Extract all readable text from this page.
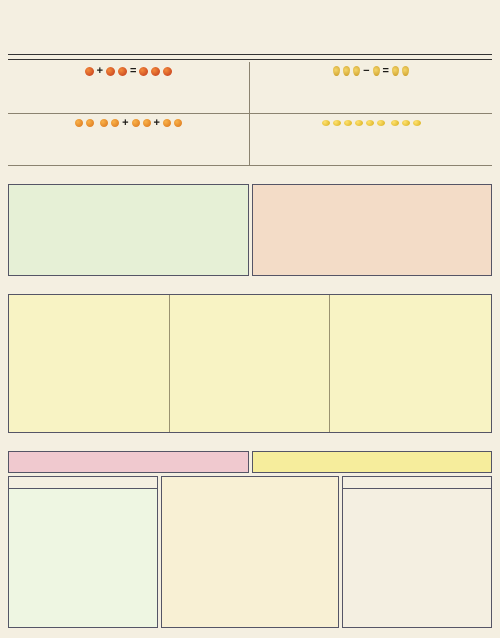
+ =	− =
+ +
